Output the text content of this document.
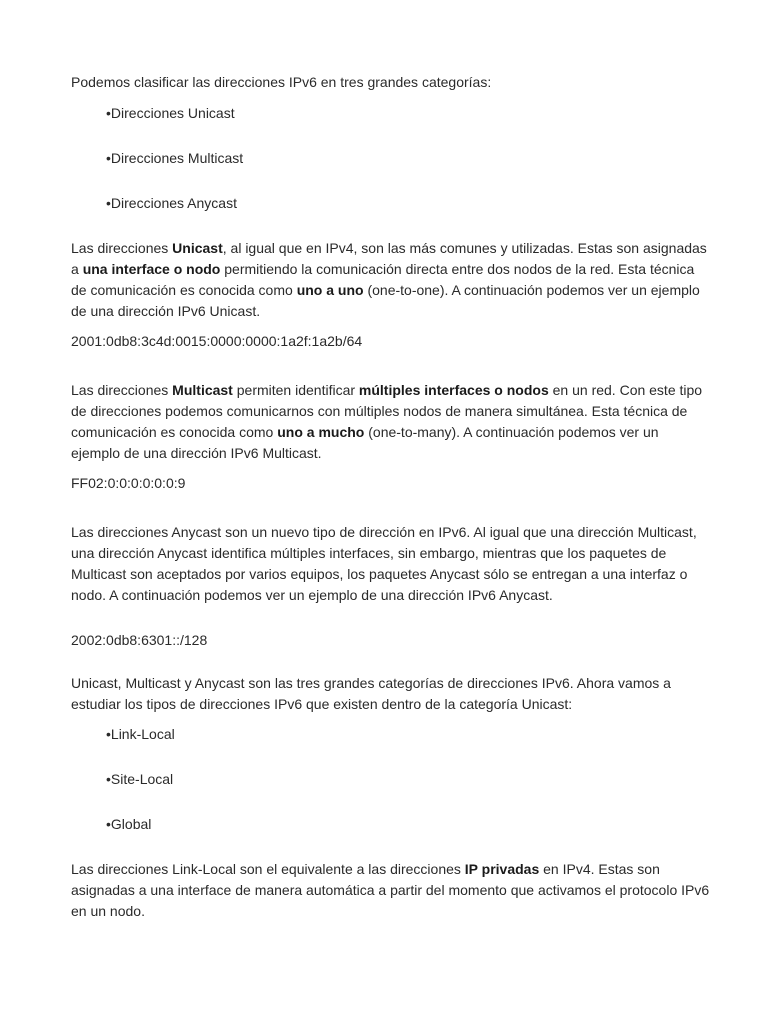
Podemos clasificar las direcciones IPv6 en tres grandes categorías:

•Direcciones Unicast
•Direcciones Multicast
•Direcciones Anycast

Las direcciones Unicast, al igual que en IPv4, son las más comunes y utilizadas. Estas son asignadas a una interface o nodo permitiendo la comunicación directa entre dos nodos de la red. Esta técnica de comunicación es conocida como uno a uno (one-to-one). A continuación podemos ver un ejemplo de una dirección IPv6 Unicast.

2001:0db8:3c4d:0015:0000:0000:1a2f:1a2b/64

Las direcciones Multicast permiten identificar múltiples interfaces o nodos en un red. Con este tipo de direcciones podemos comunicarnos con múltiples nodos de manera simultánea. Esta técnica de comunicación es conocida como uno a mucho (one-to-many). A continuación podemos ver un ejemplo de una dirección IPv6 Multicast.

FF02:0:0:0:0:0:0:9

Las direcciones Anycast son un nuevo tipo de dirección en IPv6. Al igual que una dirección Multicast, una dirección Anycast identifica múltiples interfaces, sin embargo, mientras que los paquetes de Multicast son aceptados por varios equipos, los paquetes Anycast sólo se entregan a una interfaz o nodo. A continuación podemos ver un ejemplo de una dirección IPv6 Anycast.

2002:0db8:6301::/128

Unicast, Multicast y Anycast son las tres grandes categorías de direcciones IPv6. Ahora vamos a estudiar los tipos de direcciones IPv6 que existen dentro de la categoría Unicast:

•Link-Local
•Site-Local
•Global

Las direcciones Link-Local son el equivalente a las direcciones IP privadas en IPv4. Estas son asignadas a una interface de manera automática a partir del momento que activamos el protocolo IPv6 en un nodo.
